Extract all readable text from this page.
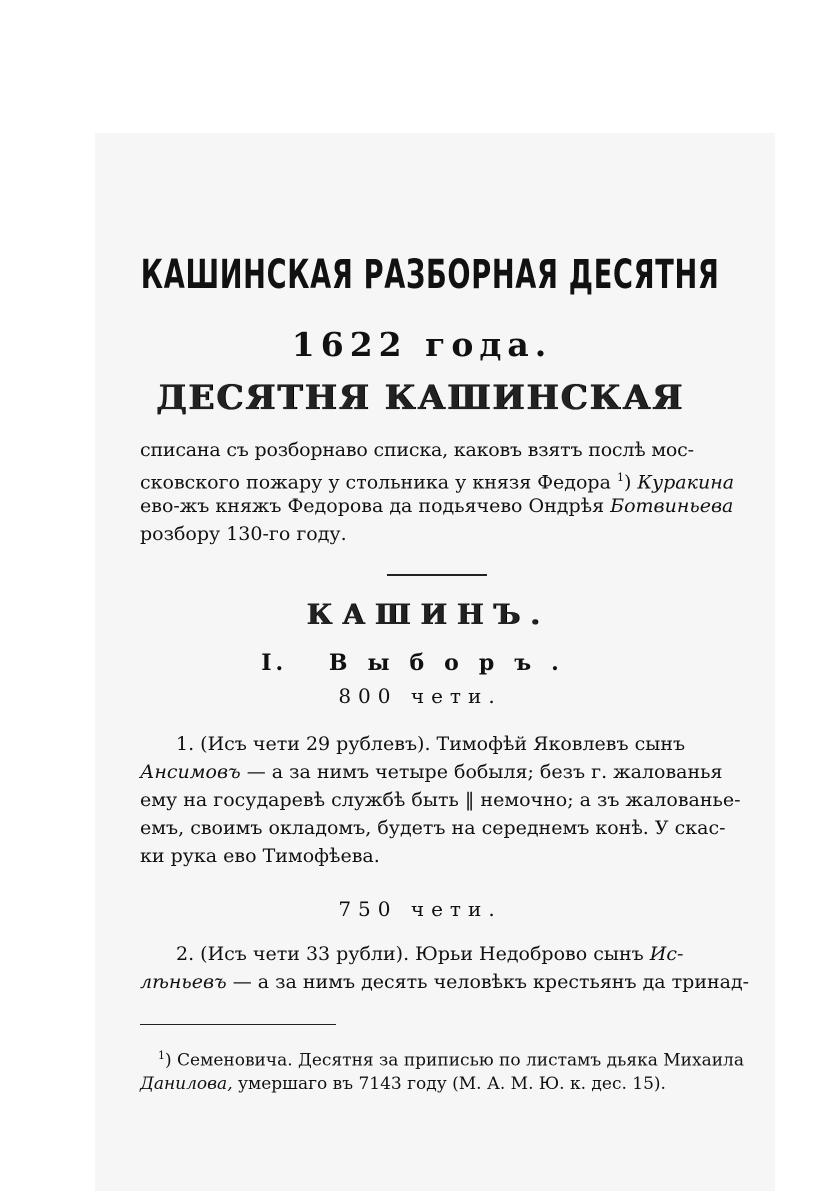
КАШИНСКАЯ РАЗБОРНАЯ ДЕСЯТНЯ
1622 года.
ДЕСЯТНЯ КАШИНСКАЯ
списана съ розборнаво списка, каковъ взятъ послѣ мос-
сковского пожару у стольника у князя Федора $^1$) Куракина
ево-жъ княжъ Федорова да подьячево Ондрѣя Ботвиньева
розбору 130-го году.
КАШИНЪ.
I. Выборъ.
800 чети.
1. (Исъ чети 29 рублевъ). Тимофѣй Яковлевъ сынъ
Ансимовъ — а за нимъ четыре бобыля; безъ г. жалованья
ему на государевѣ службѣ быть ‖ немочно; а зъ жалованье-
емъ, своимъ окладомъ, будетъ на середнемъ конѣ. У скас-
ки рука ево Тимофѣева.
750 чети.
2. (Исъ чети 33 рубли). Юрьи Недоброво сынъ Ис-
лѣньевъ — а за нимъ десять человѣкъ крестьянъ да тринад-
$^1$) Семеновича. Десятня за приписью по листамъ дьяка Михаила
Данилова, умершаго въ 7143 году (М. А. М. Ю. к. дес. 15).
